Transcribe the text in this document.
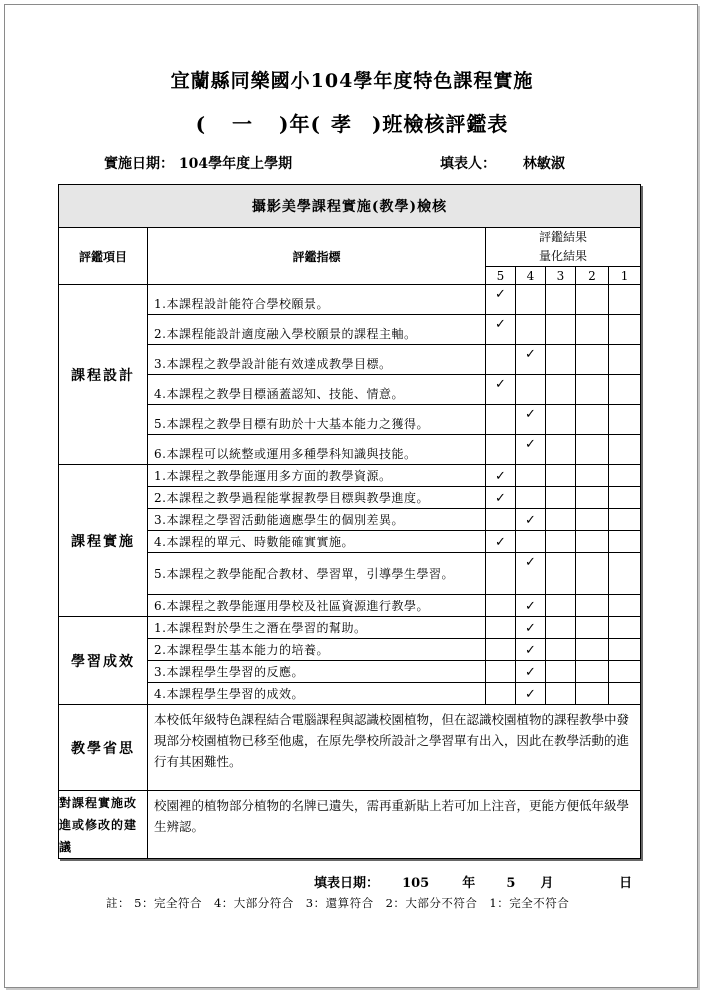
宜蘭縣同樂國小104學年度特色課程實施
( 一 )年( 孝 )班檢核評鑑表
實施日期： 104學年度上學期	填表人： 林敏淑
攝影美學課程實施(教學)檢核						
評鑑項目	評鑑指標	評鑑結果
量化結果				

		5	4	3	2	1
課程設計	1.本課程設計能符合學校願景。	✓				
	2.本課程能設計適度融入學校願景的課程主軸。	✓				
	3.本課程之教學設計能有效達成教學目標。		✓			
	4.本課程之教學目標涵蓋認知、技能、情意。	✓				
	5.本課程之教學目標有助於十大基本能力之獲得。		✓			
	6.本課程可以統整或運用多種學科知識與技能。		✓			
課程實施	1.本課程之教學能運用多方面的教學資源。	✓				
	2.本課程之教學過程能掌握教學目標與教學進度。	✓				
	3.本課程之學習活動能適應學生的個別差異。		✓			
	4.本課程的單元、時數能確實實施。	✓				
	5.本課程之教學能配合教材、學習單，引導學生學習。		✓			
	6.本課程之教學能運用學校及社區資源進行教學。		✓			
學習成效	1.本課程對於學生之潛在學習的幫助。		✓			
	2.本課程學生基本能力的培養。		✓			
	3.本課程學生學習的反應。		✓			
	4.本課程學生學習的成效。		✓			
教學省思	本校低年級特色課程結合電腦課程與認識校園植物，但在認識校園植物的課程教學中發現部分校園植物已移至他處，在原先學校所設計之學習單有出入，因此在教學活動的進行有其困難性。					
對課程實施改進或修改的建議	校園裡的植物部分植物的名牌已遺失，需再重新貼上若可加上注音，更能方便低年級學生辨認。					
填表日期： 105	年 5 月	日
註： 5：完全符合　4：大部分符合　3：還算符合　2：大部分不符合　1：完全不符合
